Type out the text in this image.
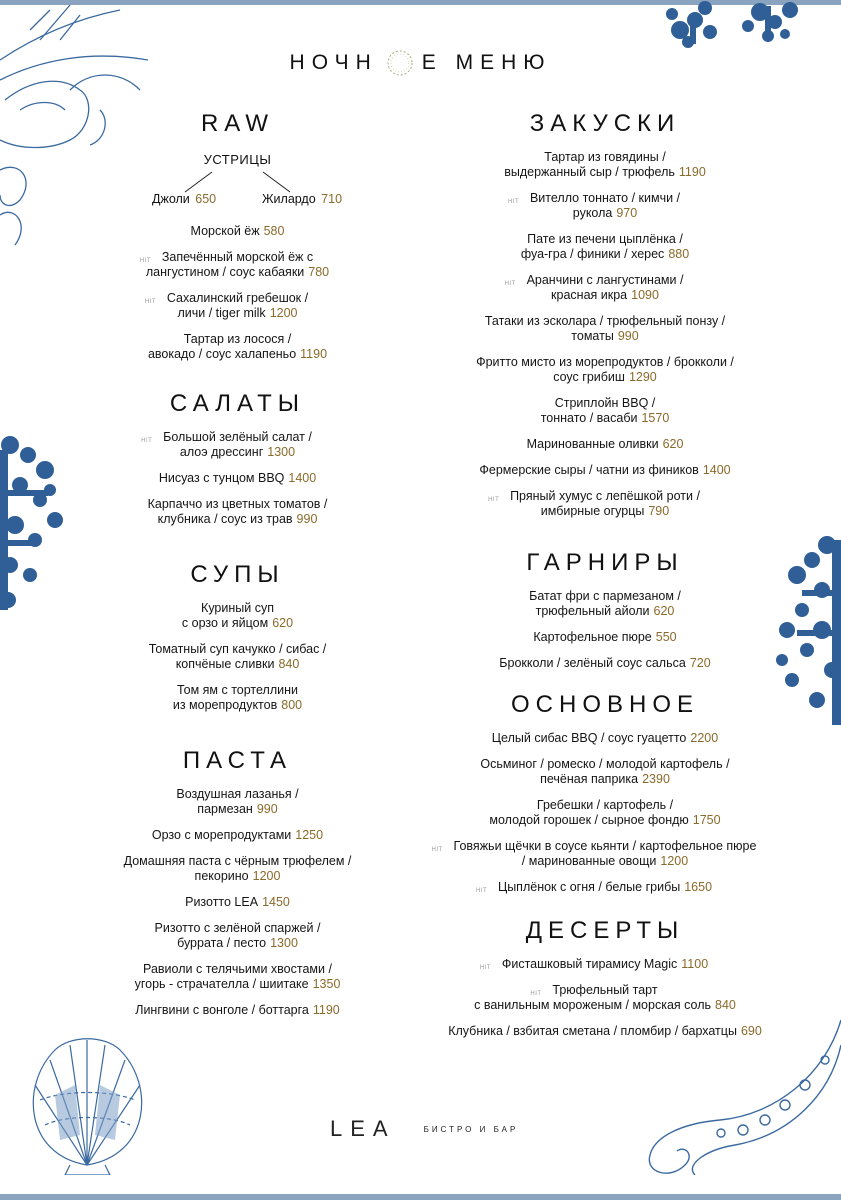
НОЧН Е МЕНЮ
RAW
УСТРИЦЫ
Джоли 650	Жилардо 710
Морской ёж 580
HIT Запечённый морской ёж с
лангустином / соус кабаяки 780
HIT Сахалинский гребешок /
личи / tiger milk 1200
Тартар из лосося /
авокадо / соус халапеньо 1190
САЛАТЫ
HIT Большой зелёный салат /
алоэ дрессинг 1300
Нисуаз с тунцом BBQ 1400
Карпаччо из цветных томатов /
клубника / соус из трав 990
СУПЫ
Куриный суп
с орзо и яйцом 620
Томатный суп качукко / сибас /
копчёные сливки 840
Том ям с тортеллини
из морепродуктов 800
ПАСТА
Воздушная лазанья /
пармезан 990
Орзо с морепродуктами 1250
Домашняя паста с чёрным трюфелем /
пекорино 1200
Ризотто LEA 1450
Ризотто с зелёной спаржей /
буррата / песто 1300
Равиоли с телячьими хвостами /
угорь - страчателла / шиитаке 1350
Лингвини с вонголе / боттарга 1190
ЗАКУСКИ
Тартар из говядины /
выдержанный сыр / трюфель 1190
HIT Вителло тоннато / кимчи /
рукола 970
Пате из печени цыплёнка /
фуа-гра / финики / херес 880
HIT Аранчини с лангустинами /
красная икра 1090
Татаки из эсколара / трюфельный понзу /
томаты 990
Фритто мисто из морепродуктов / брокколи /
соус грибиш 1290
Стриплойн BBQ /
тоннато / васаби 1570
Маринованные оливки 620
Фермерские сыры / чатни из фиников 1400
HIT Пряный хумус с лепёшкой роти /
имбирные огурцы 790
ГАРНИРЫ
Батат фри с пармезаном /
трюфельный айоли 620
Картофельное пюре 550
Брокколи / зелёный соус сальса 720
ОСНОВНОЕ
Целый сибас BBQ / соус гуацетто 2200
Осьминог / ромеско / молодой картофель /
печёная паприка 2390
Гребешки / картофель /
молодой горошек / сырное фондю 1750
HIT Говяжьи щёчки в соусе кьянти / картофельное пюре
/ маринованные овощи 1200
HIT Цыплёнок с огня / белые грибы 1650
ДЕСЕРТЫ
HIT Фисташковый тирамису Magic 1100
HIT Трюфельный тарт
с ванильным мороженым / морская соль 840
Клубника / взбитая сметана / пломбир / бархатцы 690
LEA	БИСТРО И БАР
